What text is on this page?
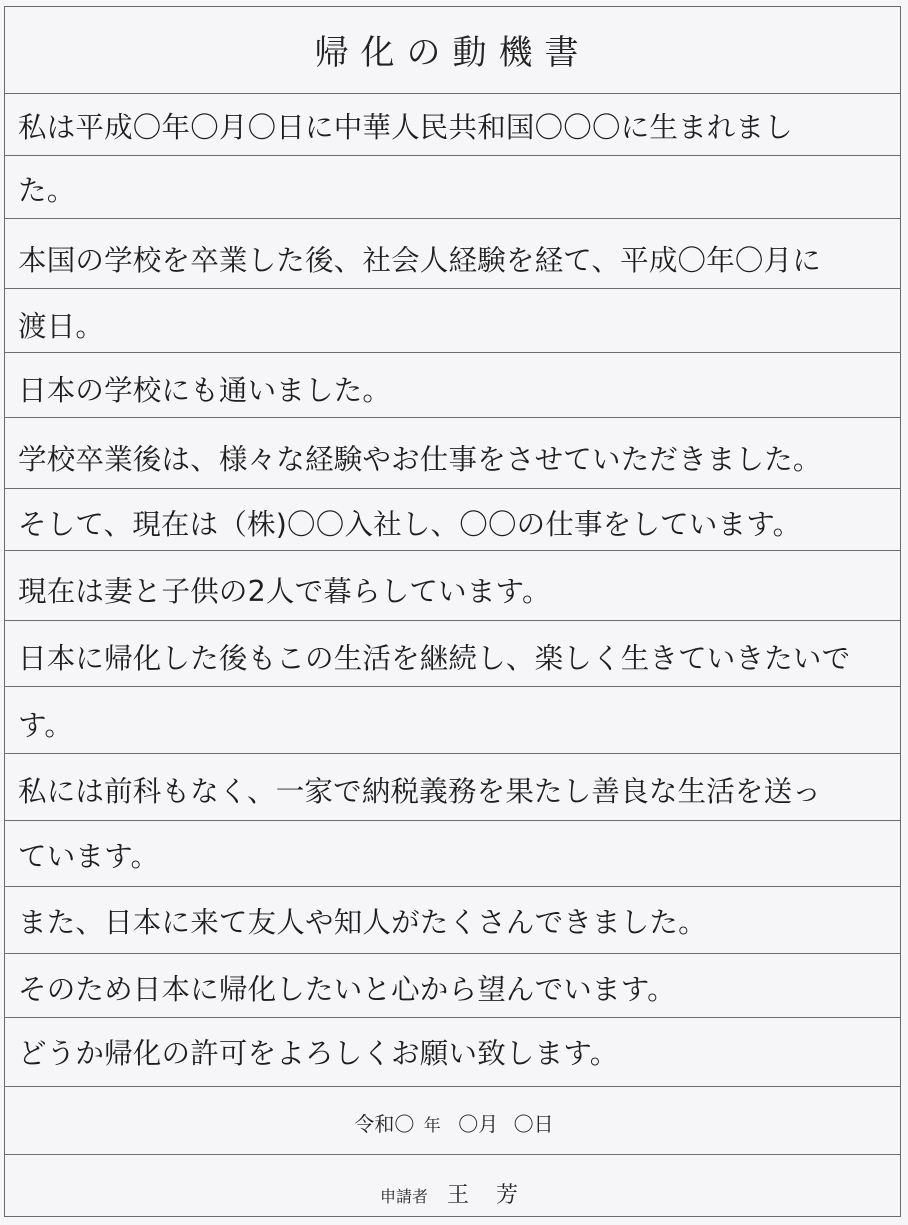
帰化の動機書
私は平成〇年〇月〇日に中華人民共和国〇〇〇に生まれまし
た。
本国の学校を卒業した後、社会人経験を経て、平成〇年〇月に
渡日。
日本の学校にも通いました。
学校卒業後は、様々な経験やお仕事をさせていただきました。
そして、現在は（株)〇〇入社し、〇〇の仕事をしています。
現在は妻と子供の2人で暮らしています。
日本に帰化した後もこの生活を継続し、楽しく生きていきたいで
す。
私には前科もなく、一家で納税義務を果たし善良な生活を送っ
ています。
また、日本に来て友人や知人がたくさんできました。
そのため日本に帰化したいと心から望んでいます。
どうか帰化の許可をよろしくお願い致します。
令和〇 年 〇月 〇日
申請者 王 芳
